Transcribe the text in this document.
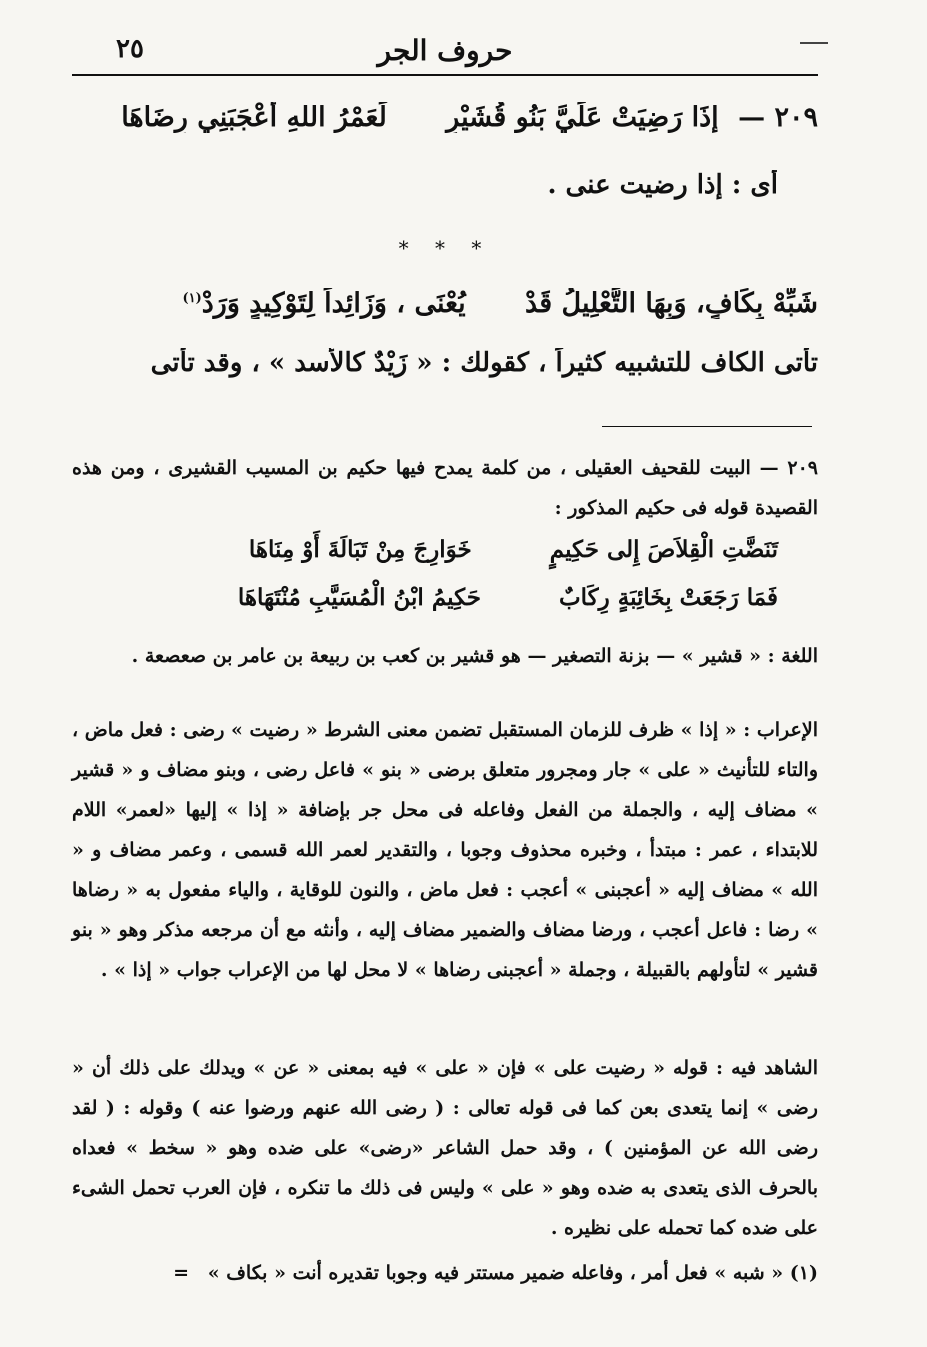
حروف الجر
٢٥
٢٠٩ — إِذَا رَضِيَتْ عَلَيَّ بَنُو قُشَيْرٍ لَعَمْرُ اللهِ أَعْجَبَنِي رِضَاهَا
أى : إذا رضيت عنى .
* * *
شَبِّهْ بِكَافٍ، وَبِهَا التَّعْلِيلُ قَدْ يُعْنَى ، وَزَائِداً لِتَوْكِيدٍ وَرَدْ$^{(١)}$
تأتى الكاف للتشبيه كثيراً ، كقولك : « زَيْدٌ كالأسد » ، وقد تأتى
٢٠٩ — البيت للقحيف العقيلى ، من كلمة يمدح فيها حكيم بن المسيب القشيرى ، ومن هذه القصيدة قوله فى حكيم المذكور :
تَنَضَّتِ الْقِلاَصَ إِلى حَكِيمٍ خَوَارِجَ مِنْ تَبَالَةَ أَوْ مِنَاهَا
فَمَا رَجَعَتْ بِخَائِبَةٍ رِكَابٌ حَكِيمُ ابْنُ الْمُسَيَّبِ مُنْتَهَاهَا
اللغة : « قشير » — بزنة التصغير — هو قشير بن كعب بن ربيعة بن عامر بن صعصعة .
الإعراب : « إذا » ظرف للزمان المستقبل تضمن معنى الشرط « رضيت » رضى : فعل ماض ، والتاء للتأنيث « على » جار ومجرور متعلق برضى « بنو » فاعل رضى ، وبنو مضاف و « قشير » مضاف إليه ، والجملة من الفعل وفاعله فى محل جر بإضافة « إذا » إليها «لعمر» اللام للابتداء ، عمر : مبتدأ ، وخبره محذوف وجوبا ، والتقدير لعمر الله قسمى ، وعمر مضاف و « الله » مضاف إليه « أعجبنى » أعجب : فعل ماض ، والنون للوقاية ، والياء مفعول به « رضاها » رضا : فاعل أعجب ، ورضا مضاف والضمير مضاف إليه ، وأنثه مع أن مرجعه مذكر وهو « بنو قشير » لتأولهم بالقبيلة ، وجملة « أعجبنى رضاها » لا محل لها من الإعراب جواب « إذا » .
الشاهد فيه : قوله « رضيت على » فإن « على » فيه بمعنى « عن » ويدلك على ذلك أن « رضى » إنما يتعدى بعن كما فى قوله تعالى : ( رضى الله عنهم ورضوا عنه ) وقوله : ( لقد رضى الله عن المؤمنين ) ، وقد حمل الشاعر «رضى» على ضده وهو « سخط » فعداه بالحرف الذى يتعدى به ضده وهو « على » وليس فى ذلك ما تنكره ، فإن العرب تحمل الشىء على ضده كما تحمله على نظيره .
(١) « شبه » فعل أمر ، وفاعله ضمير مستتر فيه وجوبا تقديره أنت « بكاف » =
